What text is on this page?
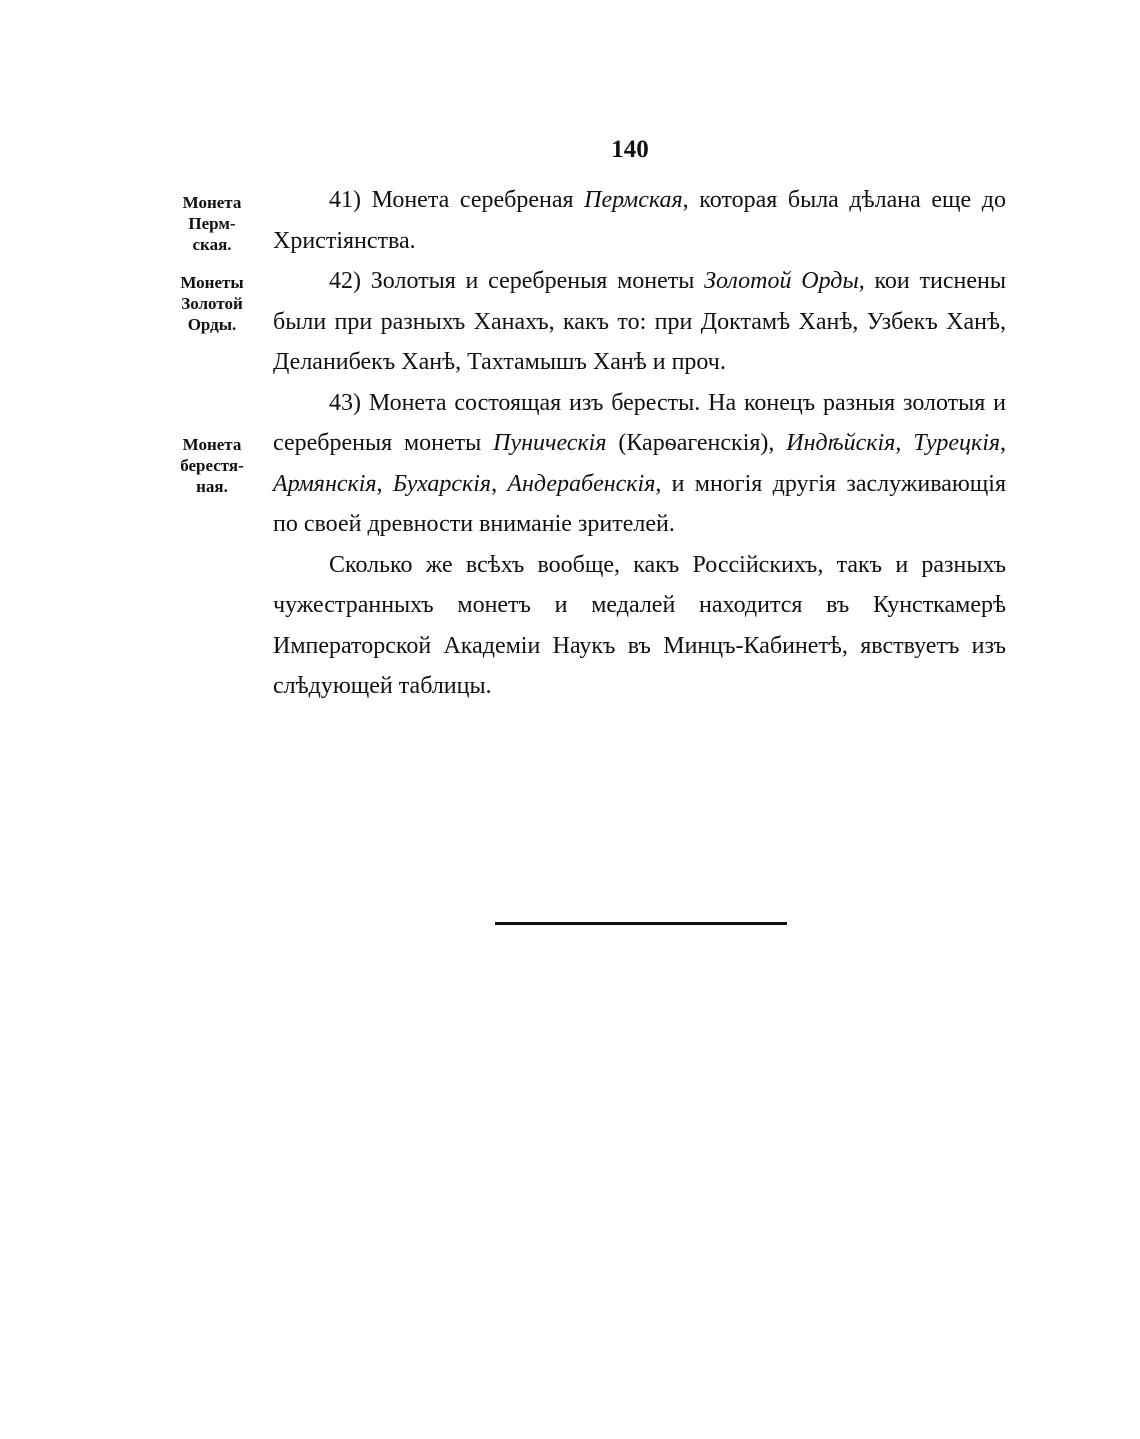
140
Монета
Перм-
ская.
Монеты
Золотой
Орды.
Монета
берестя-
ная.

41) Монета серебреная Пермская, которая была дѣлана еще до Христіянства.

42) Золотыя и серебреныя монеты Золотой Орды, кои тиснены были при разныхъ Ханахъ, какъ то: при Доктамѣ Ханѣ, Узбекъ Ханѣ, Деланибекъ Ханѣ, Тахтамышъ Ханѣ и проч.

43) Монета состоящая изъ бересты. На конецъ разныя золотыя и серебреныя монеты Пуническія (Карѳагенскія), Индѣйскія, Турецкія, Армянскія, Бухарскія, Андерабенскія, и многія другія заслуживающія по своей древности вниманіе зрителей.

Сколько же всѣхъ вообще, какъ Россійскихъ, такъ и разныхъ чужестранныхъ монетъ и медалей находится въ Кунсткамерѣ Императорской Академіи Наукъ въ Минцъ-Кабинетѣ, явствуетъ изъ слѣдующей таблицы.
